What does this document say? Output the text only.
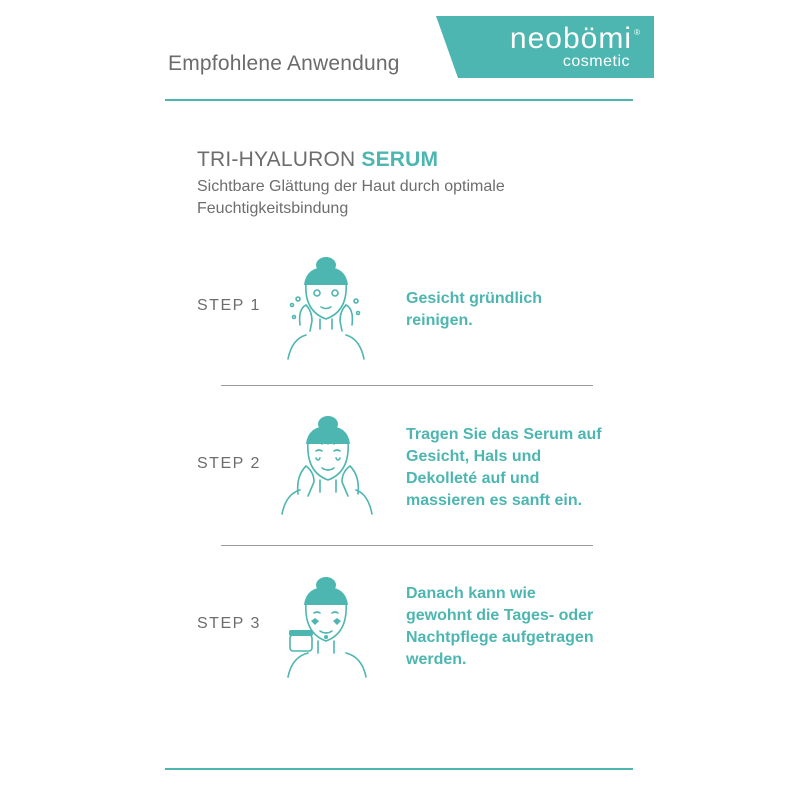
Empfohlene Anwendung
neobömi ®
cosmetic
TRI-HYALURON SERUM
Sichtbare Glättung der Haut durch optimale Feuchtigkeitsbindung
STEP 1	Gesicht gründlich reinigen.
STEP 2
Tragen Sie das Serum auf Gesicht, Hals und Dekolleté auf und massieren es sanft ein.
STEP 3
Danach kann wie gewohnt die Tages- oder Nachtpflege aufgetragen werden.
